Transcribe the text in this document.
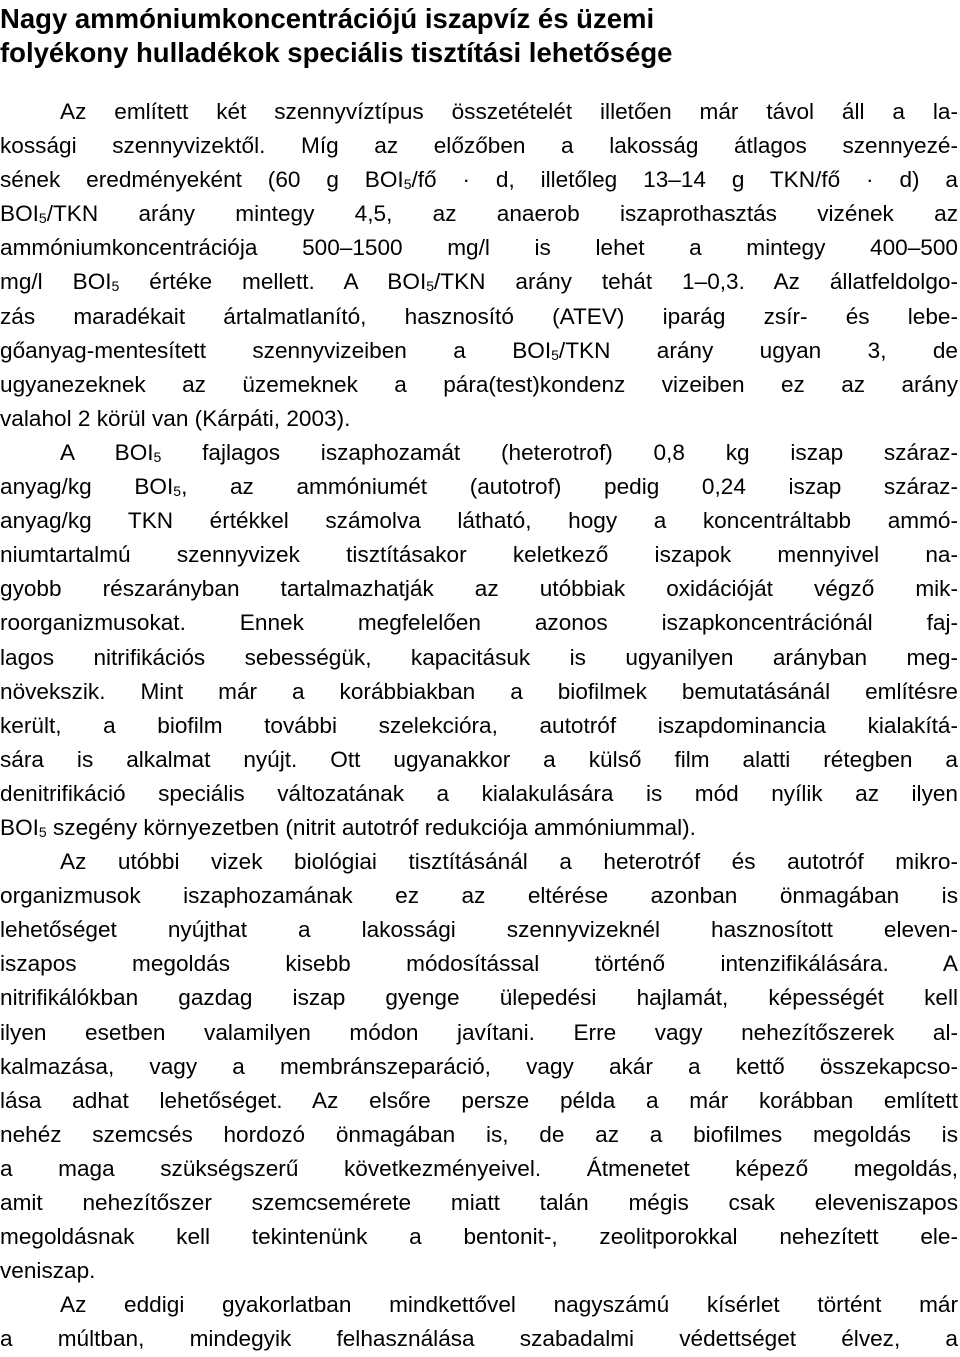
Nagy ammóniumkoncentrációjú iszapvíz és üzemi
folyékony hulladékok speciális tisztítási lehetősége
Az említett két szennyvíztípus összetételét illetően már távol áll a la-
kossági szennyvizektől. Míg az előzőben a lakosság átlagos szennyezé-
sének eredményeként (60 g $BOI_5/fő \cdot d$, illetőleg 13–14 g TKN/fő · d) a
$BOI_5$/TKN arány mintegy 4,5, az anaerob iszaprothasztás vizének az
ammóniumkoncentrációja 500–1500 mg/l is lehet a mintegy 400–500
mg/l $BOI_5$ értéke mellett. A $BOI_5$/TKN arány tehát 1–0,3. Az állatfeldolgo-
zás maradékait ártalmatlanító, hasznosító (ATEV) iparág zsír- és lebe-
gőanyag-mentesített szennyvizeiben a $BOI_5$/TKN arány ugyan 3, de
ugyanezeknek az üzemeknek a pára(test)kondenz vizeiben ez az arány
valahol 2 körül van (Kárpáti, 2003).
A $BOI_5$ fajlagos iszaphozamát (heterotrof) 0,8 kg iszap száraz-
anyag/kg $BOI_5$, az ammóniumét (autotrof) pedig 0,24 iszap száraz-
anyag/kg TKN értékkel számolva látható, hogy a koncentráltabb ammó-
niumtartalmú szennyvizek tisztításakor keletkező iszapok mennyivel na-
gyobb részarányban tartalmazhatják az utóbbiak oxidációját végző mik-
roorganizmusokat. Ennek megfelelően azonos iszapkoncentrációnál faj-
lagos nitrifikációs sebességük, kapacitásuk is ugyanilyen arányban meg-
növekszik. Mint már a korábbiakban a biofilmek bemutatásánál említésre
került, a biofilm további szelekcióra, autotróf iszapdominancia kialakítá-
sára is alkalmat nyújt. Ott ugyanakkor a külső film alatti rétegben a
denitrifikáció speciális változatának a kialakulására is mód nyílik az ilyen
$BOI_5$ szegény környezetben (nitrit autotróf redukciója ammóniummal).
Az utóbbi vizek biológiai tisztításánál a heterotróf és autotróf mikro-
organizmusok iszaphozamának ez az eltérése azonban önmagában is
lehetőséget nyújthat a lakossági szennyvizeknél hasznosított eleven-
iszapos megoldás kisebb módosítással történő intenzifikálására. A
nitrifikálókban gazdag iszap gyenge ülepedési hajlamát, képességét kell
ilyen esetben valamilyen módon javítani. Erre vagy nehezítőszerek al-
kalmazása, vagy a membránszeparáció, vagy akár a kettő összekapcso-
lása adhat lehetőséget. Az elsőre persze példa a már korábban említett
nehéz szemcsés hordozó önmagában is, de az a biofilmes megoldás is
a maga szükségszerű következményeivel. Átmenetet képező megoldás,
amit nehezítőszer szemcsemérete miatt talán mégis csak eleveniszapos
megoldásnak kell tekintenünk a bentonit-, zeolitporokkal nehezített ele-
veniszap.
Az eddigi gyakorlatban mindkettővel nagyszámú kísérlet történt már
a múltban, mindegyik felhasználása szabadalmi védettséget élvez, a
